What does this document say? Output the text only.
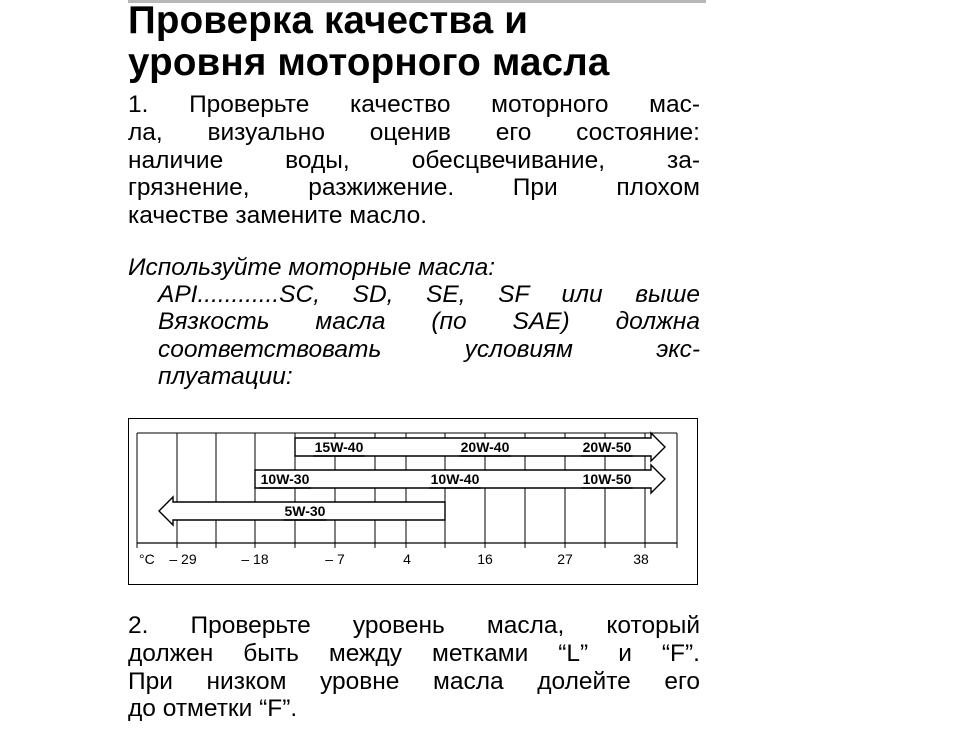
Проверка качества и
уровня моторного масла
1. Проверьте качество моторного мас-
ла, визуально оценив его состояние:
наличие воды, обесцвечивание, за-
грязнение, разжижение. При плохом
качестве замените масло.
Используйте моторные масла:
API............SC, SD, SE, SF или выше
Вязкость масла (по SAE) должна
соответствовать условиям экс-
плуатации:
15W-40	20W-40	20W-50
10W-30	10W-40	10W-50
5W-30
°C – 29	– 18	– 7	4	16	27	38
2. Проверьте уровень масла, который
должен быть между метками “L” и “F”.
При низком уровне масла долейте его
до отметки “F”.
